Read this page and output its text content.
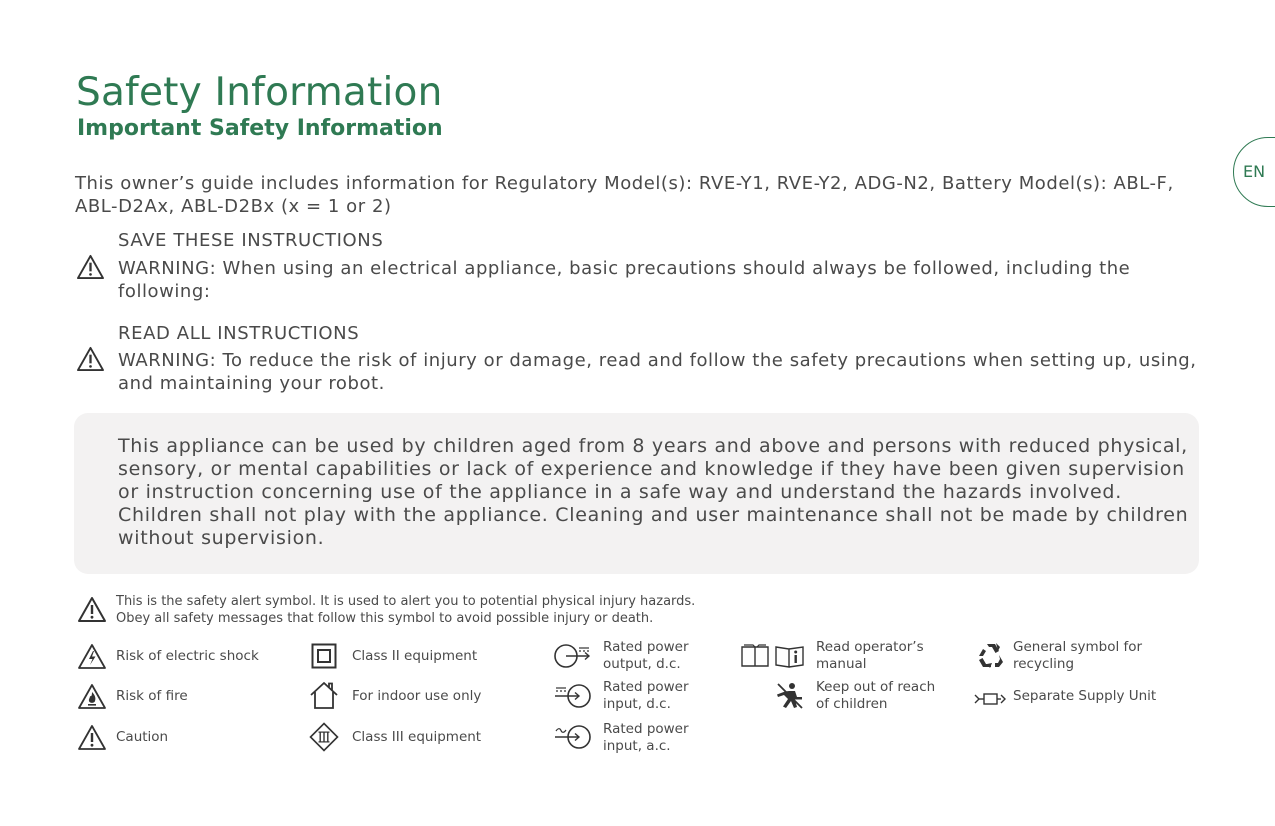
Safety Information
Important Safety Information
EN

This owner’s guide includes information for Regulatory Model(s): RVE-Y1, RVE-Y2, ADG-N2, Battery Model(s): ABL-F, ABL-D2Ax, ABL-D2Bx (x = 1 or 2)

SAVE THESE INSTRUCTIONS
WARNING: When using an electrical appliance, basic precautions should always be followed, including the following:
READ ALL INSTRUCTIONS
WARNING: To reduce the risk of injury or damage, read and follow the safety precautions when setting up, using, and maintaining your robot.

This appliance can be used by children aged from 8 years and above and persons with reduced physical, sensory, or mental capabilities or lack of experience and knowledge if they have been given supervision or instruction concerning use of the appliance in a safe way and understand the hazards involved. Children shall not play with the appliance. Cleaning and user maintenance shall not be made by children without supervision.

This is the safety alert symbol. It is used to alert you to potential physical injury hazards.
Obey all safety messages that follow this symbol to avoid possible injury or death.
Risk of electric shock
Risk of fire
Caution
Class II equipment
For indoor use only
Class III equipment
Rated power
output, d.c.
Rated power
input, d.c.
Rated power
input, a.c.
Read operator’s
manual
Keep out of reach
of children
General symbol for
recycling
Separate Supply Unit
